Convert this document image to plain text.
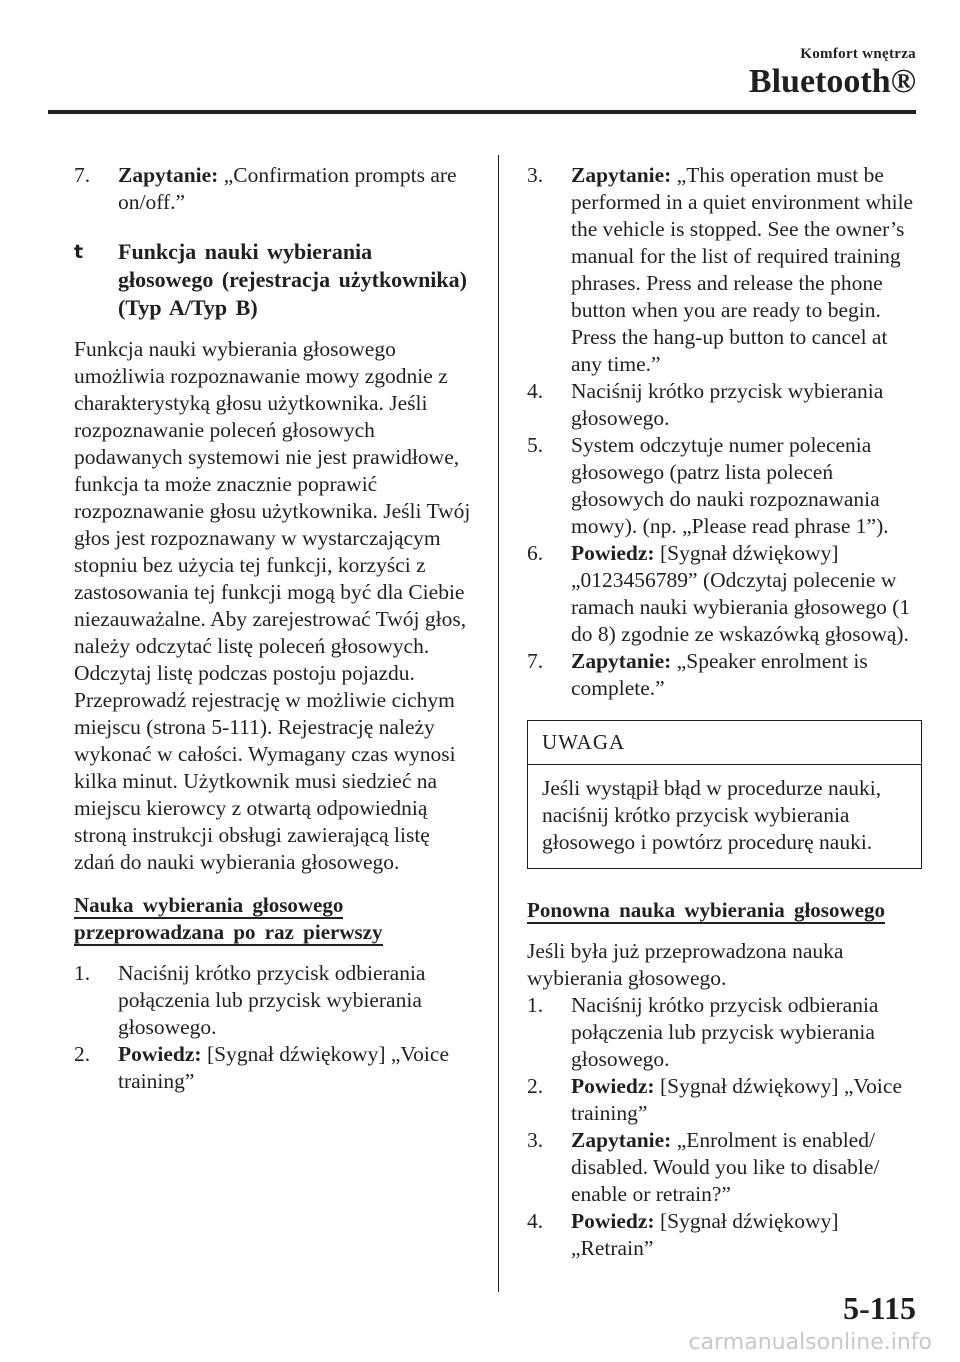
Komfort wnętrza
Bluetooth®
7.	Zapytanie: „Confirmation prompts are on/off.”
t	Funkcja nauki wybierania głosowego (rejestracja użytkownika) (Typ A/Typ B)

Funkcja nauki wybierania głosowego umożliwia rozpoznawanie mowy zgodnie z charakterystyką głosu użytkownika. Jeśli rozpoznawanie poleceń głosowych podawanych systemowi nie jest prawidłowe, funkcja ta może znacznie poprawić rozpoznawanie głosu użytkownika. Jeśli Twój głos jest rozpoznawany w wystarczającym stopniu bez użycia tej funkcji, korzyści z zastosowania tej funkcji mogą być dla Ciebie niezauważalne. Aby zarejestrować Twój głos, należy odczytać listę poleceń głosowych. Odczytaj listę podczas postoju pojazdu. Przeprowadź rejestrację w możliwie cichym miejscu (strona 5-111). Rejestrację należy wykonać w całości. Wymagany czas wynosi kilka minut. Użytkownik musi siedzieć na miejscu kierowcy z otwartą odpowiednią stroną instrukcji obsługi zawierającą listę zdań do nauki wybierania głosowego.

Nauka wybierania głosowego
przeprowadzana po raz pierwszy
1.	Naciśnij krótko przycisk odbierania połączenia lub przycisk wybierania głosowego.
2.	Powiedz: [Sygnał dźwiękowy] „Voice training”
3.	Zapytanie: „This operation must be performed in a quiet environment while the vehicle is stopped. See the owner’s manual for the list of required training phrases. Press and release the phone button when you are ready to begin. Press the hang-up button to cancel at any time.”
4.	Naciśnij krótko przycisk wybierania głosowego.
5.	System odczytuje numer polecenia głosowego (patrz lista poleceń głosowych do nauki rozpoznawania mowy). (np. „Please read phrase 1”).
6.	Powiedz: [Sygnał dźwiękowy] „0123456789” (Odczytaj polecenie w ramach nauki wybierania głosowego (1 do 8) zgodnie ze wskazówką głosową).
7.	Zapytanie: „Speaker enrolment is complete.”
UWAGA
Jeśli wystąpił błąd w procedurze nauki, naciśnij krótko przycisk wybierania głosowego i powtórz procedurę nauki.
Ponowna nauka wybierania głosowego

Jeśli była już przeprowadzona nauka wybierania głosowego.

1.	Naciśnij krótko przycisk odbierania połączenia lub przycisk wybierania głosowego.
2.	Powiedz: [Sygnał dźwiękowy] „Voice training”
3.	Zapytanie: „Enrolment is enabled/ disabled. Would you like to disable/ enable or retrain?”
4.	Powiedz: [Sygnał dźwiękowy] „Retrain”
5-115
carmanualsonline.info
